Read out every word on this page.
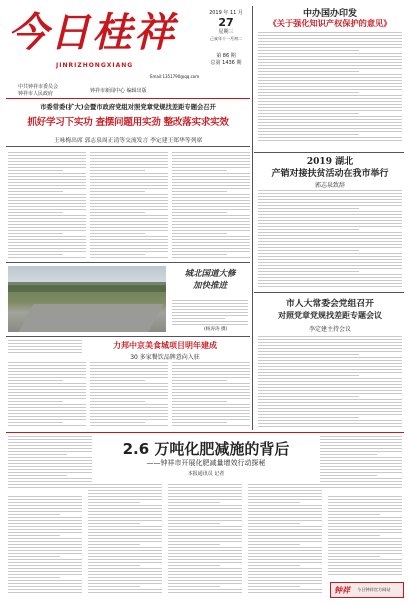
今日桂祥
JINRIZHONGXIANG
2019 年 11 月
27
星期三
己亥年十一月初二
第 86 期
总第 1436 期
中共钟祥市委员会
钟祥市人民政府	钟祥市新闻中心 编辑出版
Email:1351790@qq.com
中办国办印发
《关于强化知识产权保护的意见》
市委常委(扩大)会暨市政府党组对照党章党规找差距专题会召开
抓好学习下实功 查摆问题用实劲 整改落实求实效
王咏梅出席 郭志泉周正清等交流发言 李定建王郑华等列席
2019 湖北
产销对接扶贫活动在我市举行
郭志泉致辞
市人大常委会党组召开
对照党章党规找差距专题会议
李定建主持会议
城北国道大修
加快推进
(杨涛涛 摄)
力邦中京美食城项目明年建成
30 多家餐饮品牌意向入驻
2.6 万吨化肥减施的背后
——钟祥市开展化肥减量增效行动探秘
本报通讯员 记者
钟祥 今日钟祥官方网站
